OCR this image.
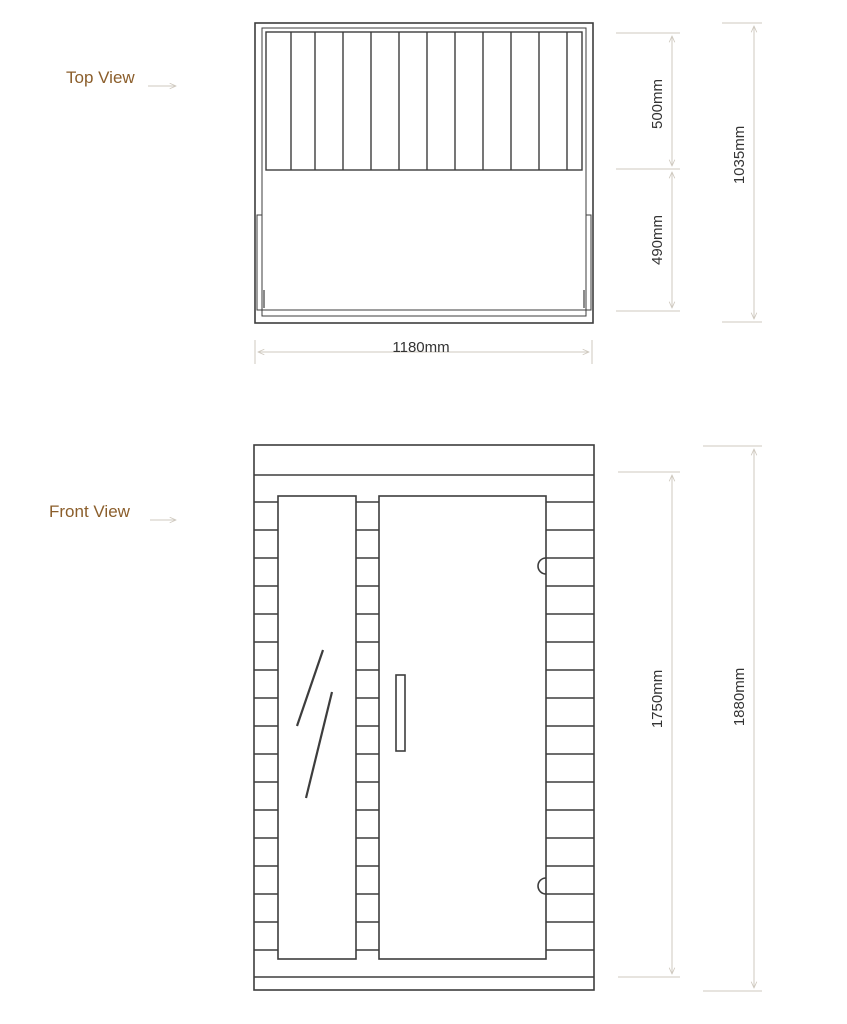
Top View
1180mm
500mm
490mm
1035mm
Front View
1750mm	1880mm
